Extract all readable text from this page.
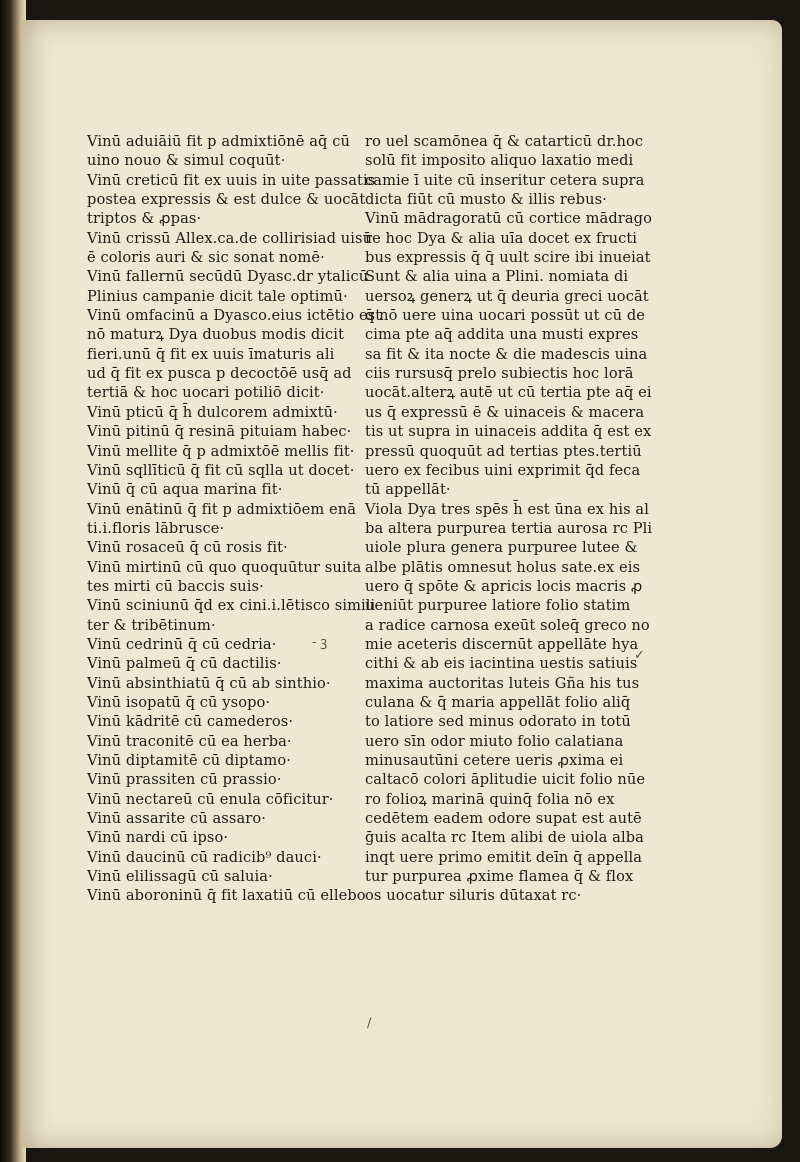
Vinū aduiāiū fit p admixtiōnē aq̄ cū
uino nouo & simul coquūt·
Vinū creticū fit ex uuis in uite passatis
postea expressis & est dulce & uocāt
triptos & ꝓpas·
Vinū crissū Allex.ca.de collirisiad uisū
ē coloris auri & sic sonat nomē·
Vinū fallernū secūdū Dyasc.dr ytalicū
Plinius campanie dicit tale optimū·
Vinū omfacinū a Dyasco.eius ictētio est
nō maturꝝ Dya duobus modis dicit
fieri.unū q̄ fit ex uuis īmaturis ali
ud q̄ fit ex pusca p decoctōē usq̄ ad
tertiā & hoc uocari potiliō dicit·
Vinū pticū q̄ h̄ dulcorem admixtū·
Vinū pitinū q̄ resinā pituiam habec·
Vinū mellite q̄ p admixtōē mellis fit·
Vinū sqllīticū q̄ fit cū sqlla ut docet·
Vinū q̄ cū aqua marina fit·
Vinū enātinū q̄ fit p admixtiōem enā
ti.i.floris lābrusce·
Vinū rosaceū q̄ cū rosis fit·
Vinū mirtinū cū quo quoquūtur suita
tes mirti cū baccis suis·
Vinū sciniunū q̄d ex cini.i.lētisco simili
ter & tribētinum·
Vinū cedrinū q̄ cū cedria·
Vinū palmeū q̄ cū dactilis·
Vinū absinthiatū q̄ cū ab sinthio·
Vinū isopatū q̄ cū ysopo·
Vinū kādritē cū camederos·
Vinū traconitē cū ea herba·
Vinū diptamitē cū diptamo·
Vinū prassiten cū prassio·
Vinū nectareū cū enula cōficitur·
Vinū assarite cū assaro·
Vinū nardi cū ipso·
Vinū daucinū cū radicib⁹ dauci·
Vinū elilissagū cū saluia·
Vinū aboroninū q̄ fit laxatiū cū ellebo
ro uel scamōnea q̄ & catarticū dr.hoc
solū fit imposito aliquo laxatio medi
camie ī uite cū inseritur cetera supra
dicta fiūt cū musto & illis rebus·
Vinū mādragoratū cū cortice mādrago
re hoc Dya & alia uīa docet ex fructi
bus expressis q̄ q̄ uult scire ibi inueiat
Sunt & alia uina a Plini. nomiata di
uersoꝝ generꝝ ut q̄ deuria greci uocāt
q̄ nō uere uina uocari possūt ut cū de
cima pte aq̄ addita una musti expres
sa fit & ita nocte & die madescis uina
ciis rursusq̄ prelo subiectis hoc lorā
uocāt.alterꝝ autē ut cū tertia pte aq̄ ei
us q̄ expressū ē & uinaceis & macera
tis ut supra in uinaceis addita q̄ est ex
pressū quoquūt ad tertias ptes.tertiū
uero ex fecibus uini exprimit q̄d feca
tū appellāt·
Viola Dya tres spēs h̄ est ūna ex his al
ba altera purpurea tertia aurosa rc Pli
uiole plura genera purpuree lutee &
albe plātis omnesut holus sate.ex eis
uero q̄ spōte & apricis locis macris ꝓ
ueniūt purpuree latiore folio statim
a radice carnosa exeūt soleq̄ greco no
mie aceteris discernūt appellāte hya
cithi & ab eis iacintina uestis satiuis
maxima auctoritas luteis Gña his tus
culana & q̄ maria appellāt folio aliq̄
to latiore sed minus odorato in totū
uero sīn odor miuto folio calatiana
minusautūni cetere ueris ꝓxima ei
caltacō colori āplitudie uicit folio nūe
ro folioꝝ marinā quinq̄ folia nō ex
cedētem eadem odore supat est autē
ḡuis acalta rc Item alibi de uiola alba
inqt uere primo emitit deīn q̄ appella
tur purpurea ꝓxime flamea q̄ & flox
os uocatur siluris dūtaxat rc·
- ꝫ
✓
/
